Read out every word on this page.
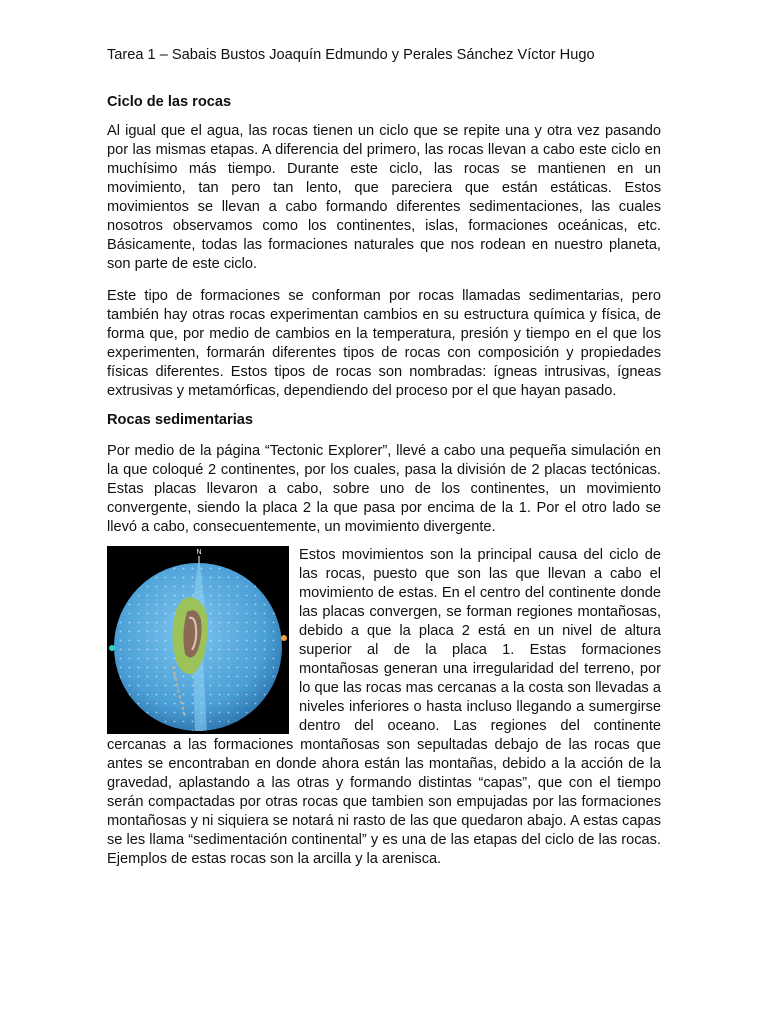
Tarea 1 – Sabais Bustos Joaquín Edmundo y Perales Sánchez Víctor Hugo
Ciclo de las rocas

Al igual que el agua, las rocas tienen un ciclo que se repite una y otra vez pasando por las mismas etapas. A diferencia del primero, las rocas llevan a cabo este ciclo en muchísimo más tiempo. Durante este ciclo, las rocas se mantienen en un movimiento, tan pero tan lento, que pareciera que están estáticas. Estos movimientos se llevan a cabo formando diferentes sedimentaciones, las cuales nosotros observamos como los continentes, islas, formaciones oceánicas, etc. Básicamente, todas las formaciones naturales que nos rodean en nuestro planeta, son parte de este ciclo.

Este tipo de formaciones se conforman por rocas llamadas sedimentarias, pero también hay otras rocas experimentan cambios en su estructura química y física, de forma que, por medio de cambios en la temperatura, presión y tiempo en el que los experimenten, formarán diferentes tipos de rocas con composición y propiedades físicas diferentes. Estos tipos de rocas son nombradas: ígneas intrusivas, ígneas extrusivas y metamórficas, dependiendo del proceso por el que hayan pasado.

Rocas sedimentarias

Por medio de la página “Tectonic Explorer”, llevé a cabo una pequeña simulación en la que coloqué 2 continentes, por los cuales, pasa la división de 2 placas tectónicas. Estas placas llevaron a cabo, sobre uno de los continentes, un movimiento convergente, siendo la placa 2 la que pasa por encima de la 1. Por el otro lado se llevó a cabo, consecuentemente, un movimiento divergente.

N	Estos movimientos son la principal causa del ciclo de las rocas, puesto que son las que llevan a cabo el movimiento de estas. En el centro del continente donde las placas convergen, se forman regiones montañosas, debido a que la placa 2 está en un nivel de altura superior al de la placa 1. Estas formaciones montañosas generan una irregularidad del terreno, por lo que las rocas mas cercanas a la costa son llevadas a niveles inferiores o hasta incluso llegando a sumergirse dentro del oceano. Las regiones del continente cercanas a las formaciones montañosas son sepultadas debajo de las rocas que antes se encontraban en donde ahora están las montañas, debido a la acción de la gravedad, aplastando a las otras y formando distintas “capas”, que con el tiempo serán compactadas por otras rocas que tambien son empujadas por las formaciones montañosas y ni siquiera se notará ni rasto de las que quedaron abajo. A estas capas se les llama “sedimentación continental” y es una de las etapas del ciclo de las rocas. Ejemplos de estas rocas son la arcilla y la arenisca.
